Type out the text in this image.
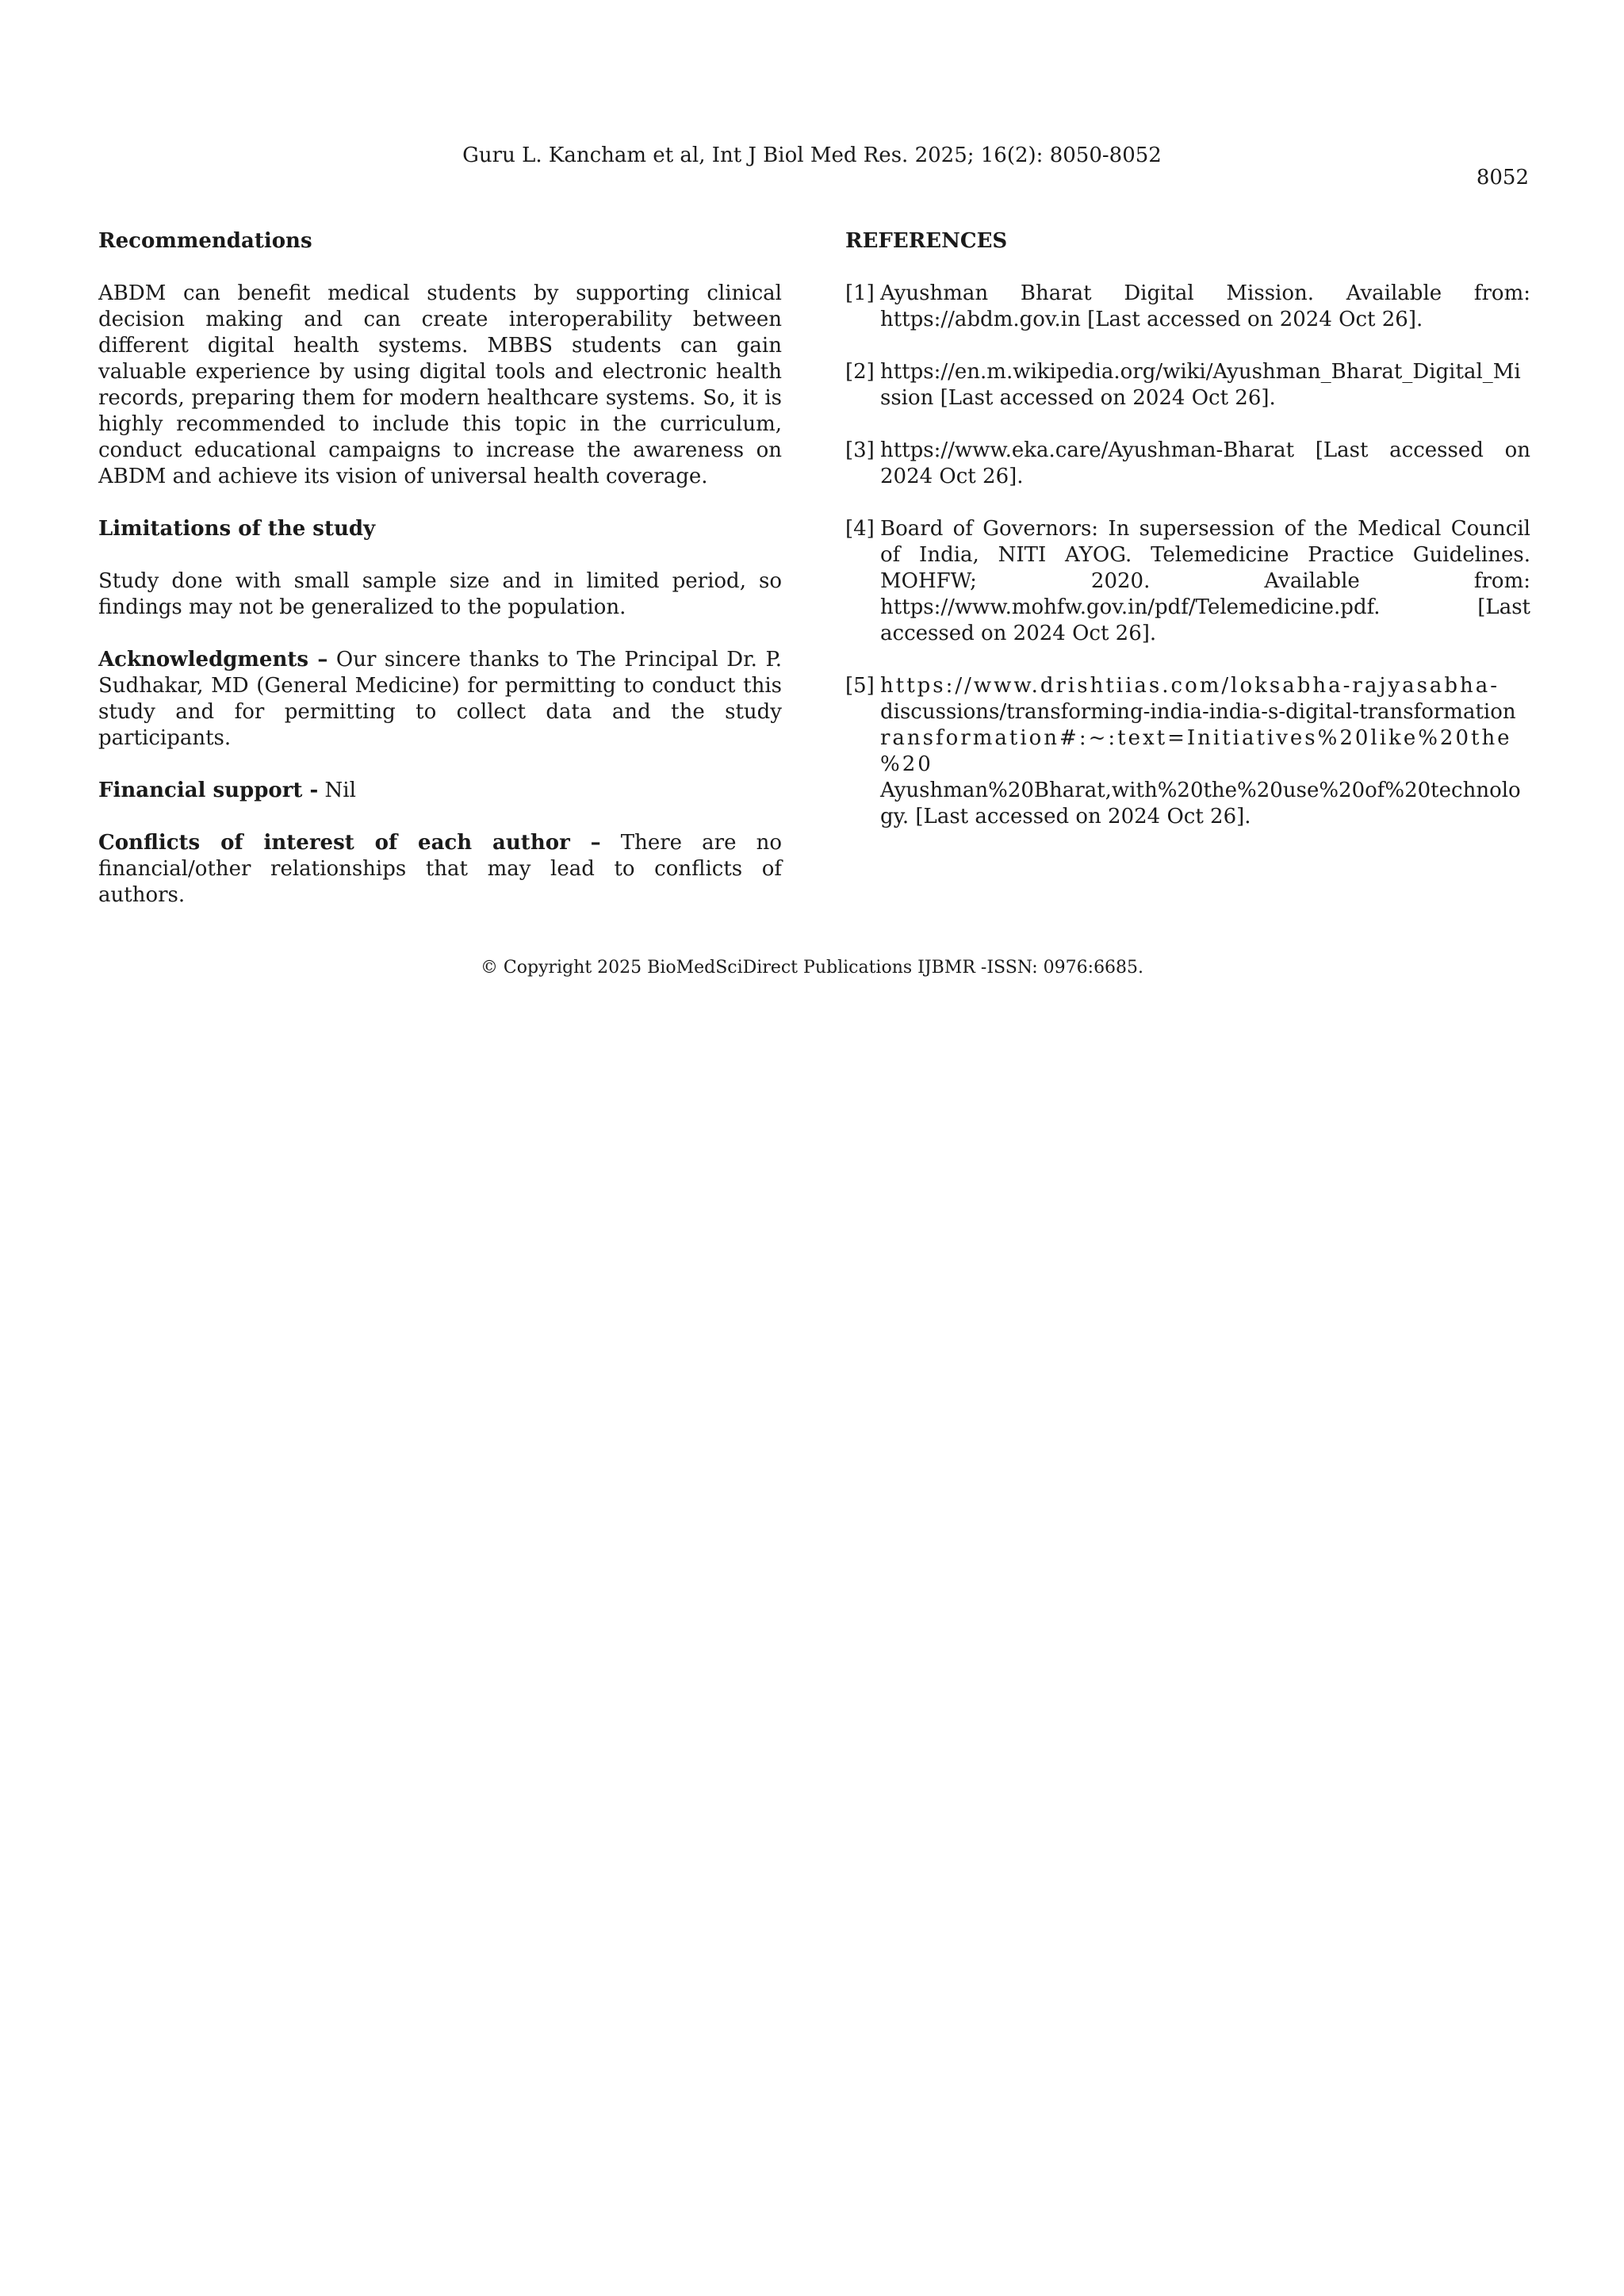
Guru L. Kancham et al, Int J Biol Med Res. 2025; 16(2): 8050-8052
8052
Recommendations

ABDM can benefit medical students by supporting clinical decision making and can create interoperability between different digital health systems. MBBS students can gain valuable experience by using digital tools and electronic health records, preparing them for modern healthcare systems. So, it is highly recommended to include this topic in the curriculum, conduct educational campaigns to increase the awareness on ABDM and achieve its vision of universal health coverage.

Limitations of the study

Study done with small sample size and in limited period, so findings may not be generalized to the population.

Acknowledgments – Our sincere thanks to The Principal Dr. P. Sudhakar, MD (General Medicine) for permitting to conduct this study and for permitting to collect data and the study participants.

Financial support - Nil

Conflicts of interest of each author – There are no financial/other relationships that may lead to conflicts of authors.

REFERENCES
[1] Ayushman Bharat Digital Mission. Available from: https://abdm.gov.in [Last accessed on 2024 Oct 26].
[2] https://en.m.wikipedia.org/wiki/Ayushman_Bharat_Digital_Mission [Last accessed on 2024 Oct 26].
[3] https://www.eka.care/Ayushman-Bharat [Last accessed on 2024 Oct 26].
[4] Board of Governors: In supersession of the Medical Council of India, NITI AYOG. Telemedicine Practice Guidelines. MOHFW; 2020. Available from: https://www.mohfw.gov.in/pdf/Telemedicine.pdf. [Last accessed on 2024 Oct 26].
[5] https://www.drishtiias.com/loksabha-rajyasabha- discussions/transforming-india-india-s-digital-transformation ransformation#:~:text=Initiatives%20like%20the%20 Ayushman%20Bharat,with%20the%20use%20of%20technology. [Last accessed on 2024 Oct 26].
© Copyright 2025 BioMedSciDirect Publications IJBMR -ISSN: 0976:6685.
